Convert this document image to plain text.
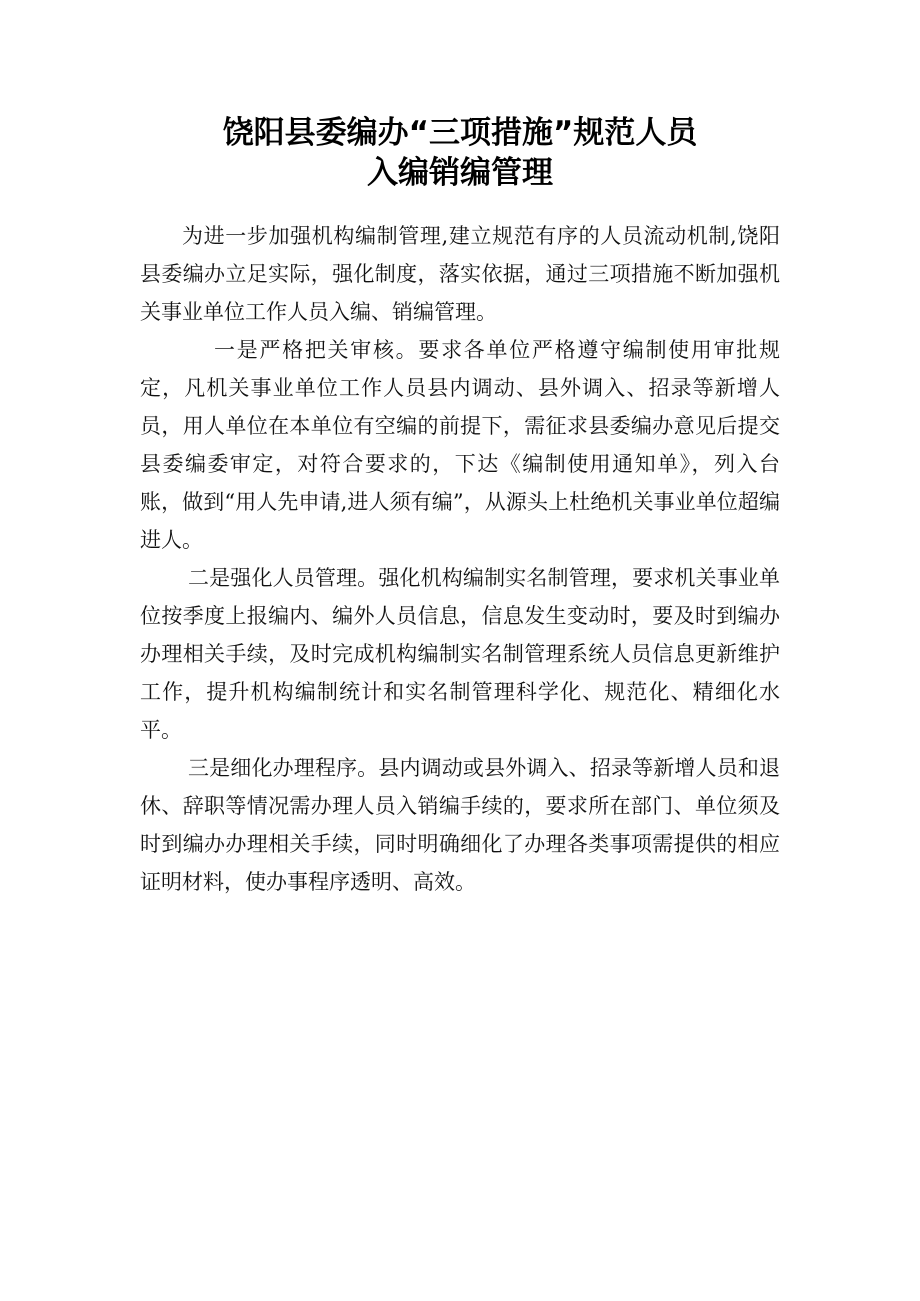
饶阳县委编办“三项措施”规范人员
入编销编管理

为进一步加强机构编制管理,建立规范有序的人员流动机制,饶阳县委编办立足实际，强化制度，落实依据，通过三项措施不断加强机关事业单位工作人员入编、销编管理。

一是严格把关审核。要求各单位严格遵守编制使用审批规定，凡机关事业单位工作人员县内调动、县外调入、招录等新增人员，用人单位在本单位有空编的前提下，需征求县委编办意见后提交县委编委审定，对符合要求的，下达《编制使用通知单》，列入台账，做到“用人先申请,进人须有编”，从源头上杜绝机关事业单位超编进人。

二是强化人员管理。强化机构编制实名制管理，要求机关事业单位按季度上报编内、编外人员信息，信息发生变动时，要及时到编办办理相关手续，及时完成机构编制实名制管理系统人员信息更新维护工作，提升机构编制统计和实名制管理科学化、规范化、精细化水平。

三是细化办理程序。县内调动或县外调入、招录等新增人员和退休、辞职等情况需办理人员入销编手续的，要求所在部门、单位须及时到编办办理相关手续，同时明确细化了办理各类事项需提供的相应证明材料，使办事程序透明、高效。
